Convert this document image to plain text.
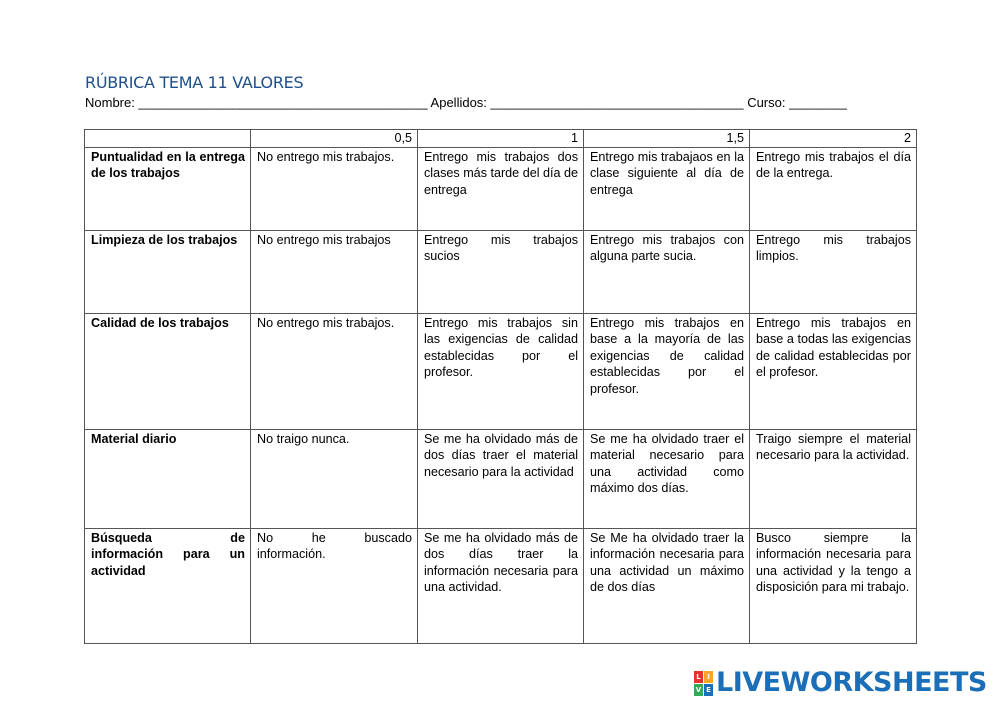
RÚBRICA TEMA 11 VALORES
Nombre: ________________________________________ Apellidos: ___________________________________ Curso: ________
	0,5	1	1,5	2
Puntualidad en la entrega de los trabajos	No entrego mis trabajos.	Entrego mis trabajos dos clases más tarde del día de entrega	Entrego mis trabajaos en la clase siguiente al día de entrega	Entrego mis trabajos el día de la entrega.
Limpieza de los trabajos	No entrego mis trabajos	Entrego mis trabajos sucios	Entrego mis trabajos con alguna parte sucia.	Entrego mis trabajos limpios.
Calidad de los trabajos	No entrego mis trabajos.	Entrego mis trabajos sin las exigencias de calidad establecidas por el profesor.	Entrego mis trabajos en base a la mayoría de las exigencias de calidad establecidas por el profesor.	Entrego mis trabajos en base a todas las exigencias de calidad establecidas por el profesor.
Material diario	No traigo nunca.	Se me ha olvidado más de dos días traer el material necesario para la actividad	Se me ha olvidado traer el material necesario para una actividad como máximo dos días.	Traigo siempre el material necesario para la actividad.
Búsqueda de información para un actividad	No he buscado información.	Se me ha olvidado más de dos días traer la información necesaria para una actividad.	Se Me ha olvidado traer la información necesaria para una actividad un máximo de dos días	Busco siempre la información necesaria para una actividad y la tengo a disposición para mi trabajo.
L I
V E LIVEWORKSHEETS
